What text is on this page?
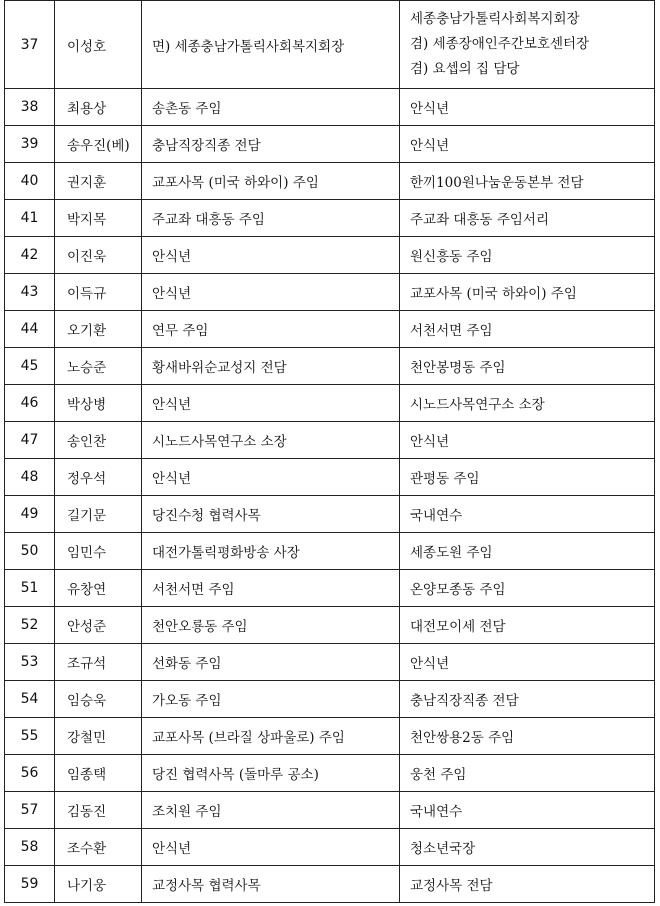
37	이성호	면) 세종충남가톨릭사회복지회장	세종충남가톨릭사회복지회장
겸) 세종장애인주간보호센터장
겸) 요셉의 집 담당

38	최용상	송촌동 주임	안식년

39	송우진(베)	충남직장직종 전담	안식년

40	권지훈	교포사목 (미국 하와이) 주임	한끼100원나눔운동본부 전담

41	박지목	주교좌 대흥동 주임	주교좌 대흥동 주임서리

42	이진욱	안식년	원신흥동 주임

43	이득규	안식년	교포사목 (미국 하와이) 주임

44	오기환	연무 주임	서천서면 주임

45	노승준	황새바위순교성지 전담	천안봉명동 주임

46	박상병	안식년	시노드사목연구소 소장

47	송인찬	시노드사목연구소 소장	안식년

48	정우석	안식년	관평동 주임

49	길기문	당진수청 협력사목	국내연수

50	임민수	대전가톨릭평화방송 사장	세종도원 주임

51	유창연	서천서면 주임	온양모종동 주임

52	안성준	천안오룡동 주임	대전모이세 전담

53	조규석	선화동 주임	안식년

54	임승욱	가오동 주임	충남직장직종 전담

55	강철민	교포사목 (브라질 상파울로) 주임	천안쌍용2동 주임

56	임종택	당진 협력사목 (돌마루 공소)	웅천 주임

57	김동진	조치원 주임	국내연수

58	조수환	안식년	청소년국장

59	나기웅	교정사목 협력사목	교정사목 전담
